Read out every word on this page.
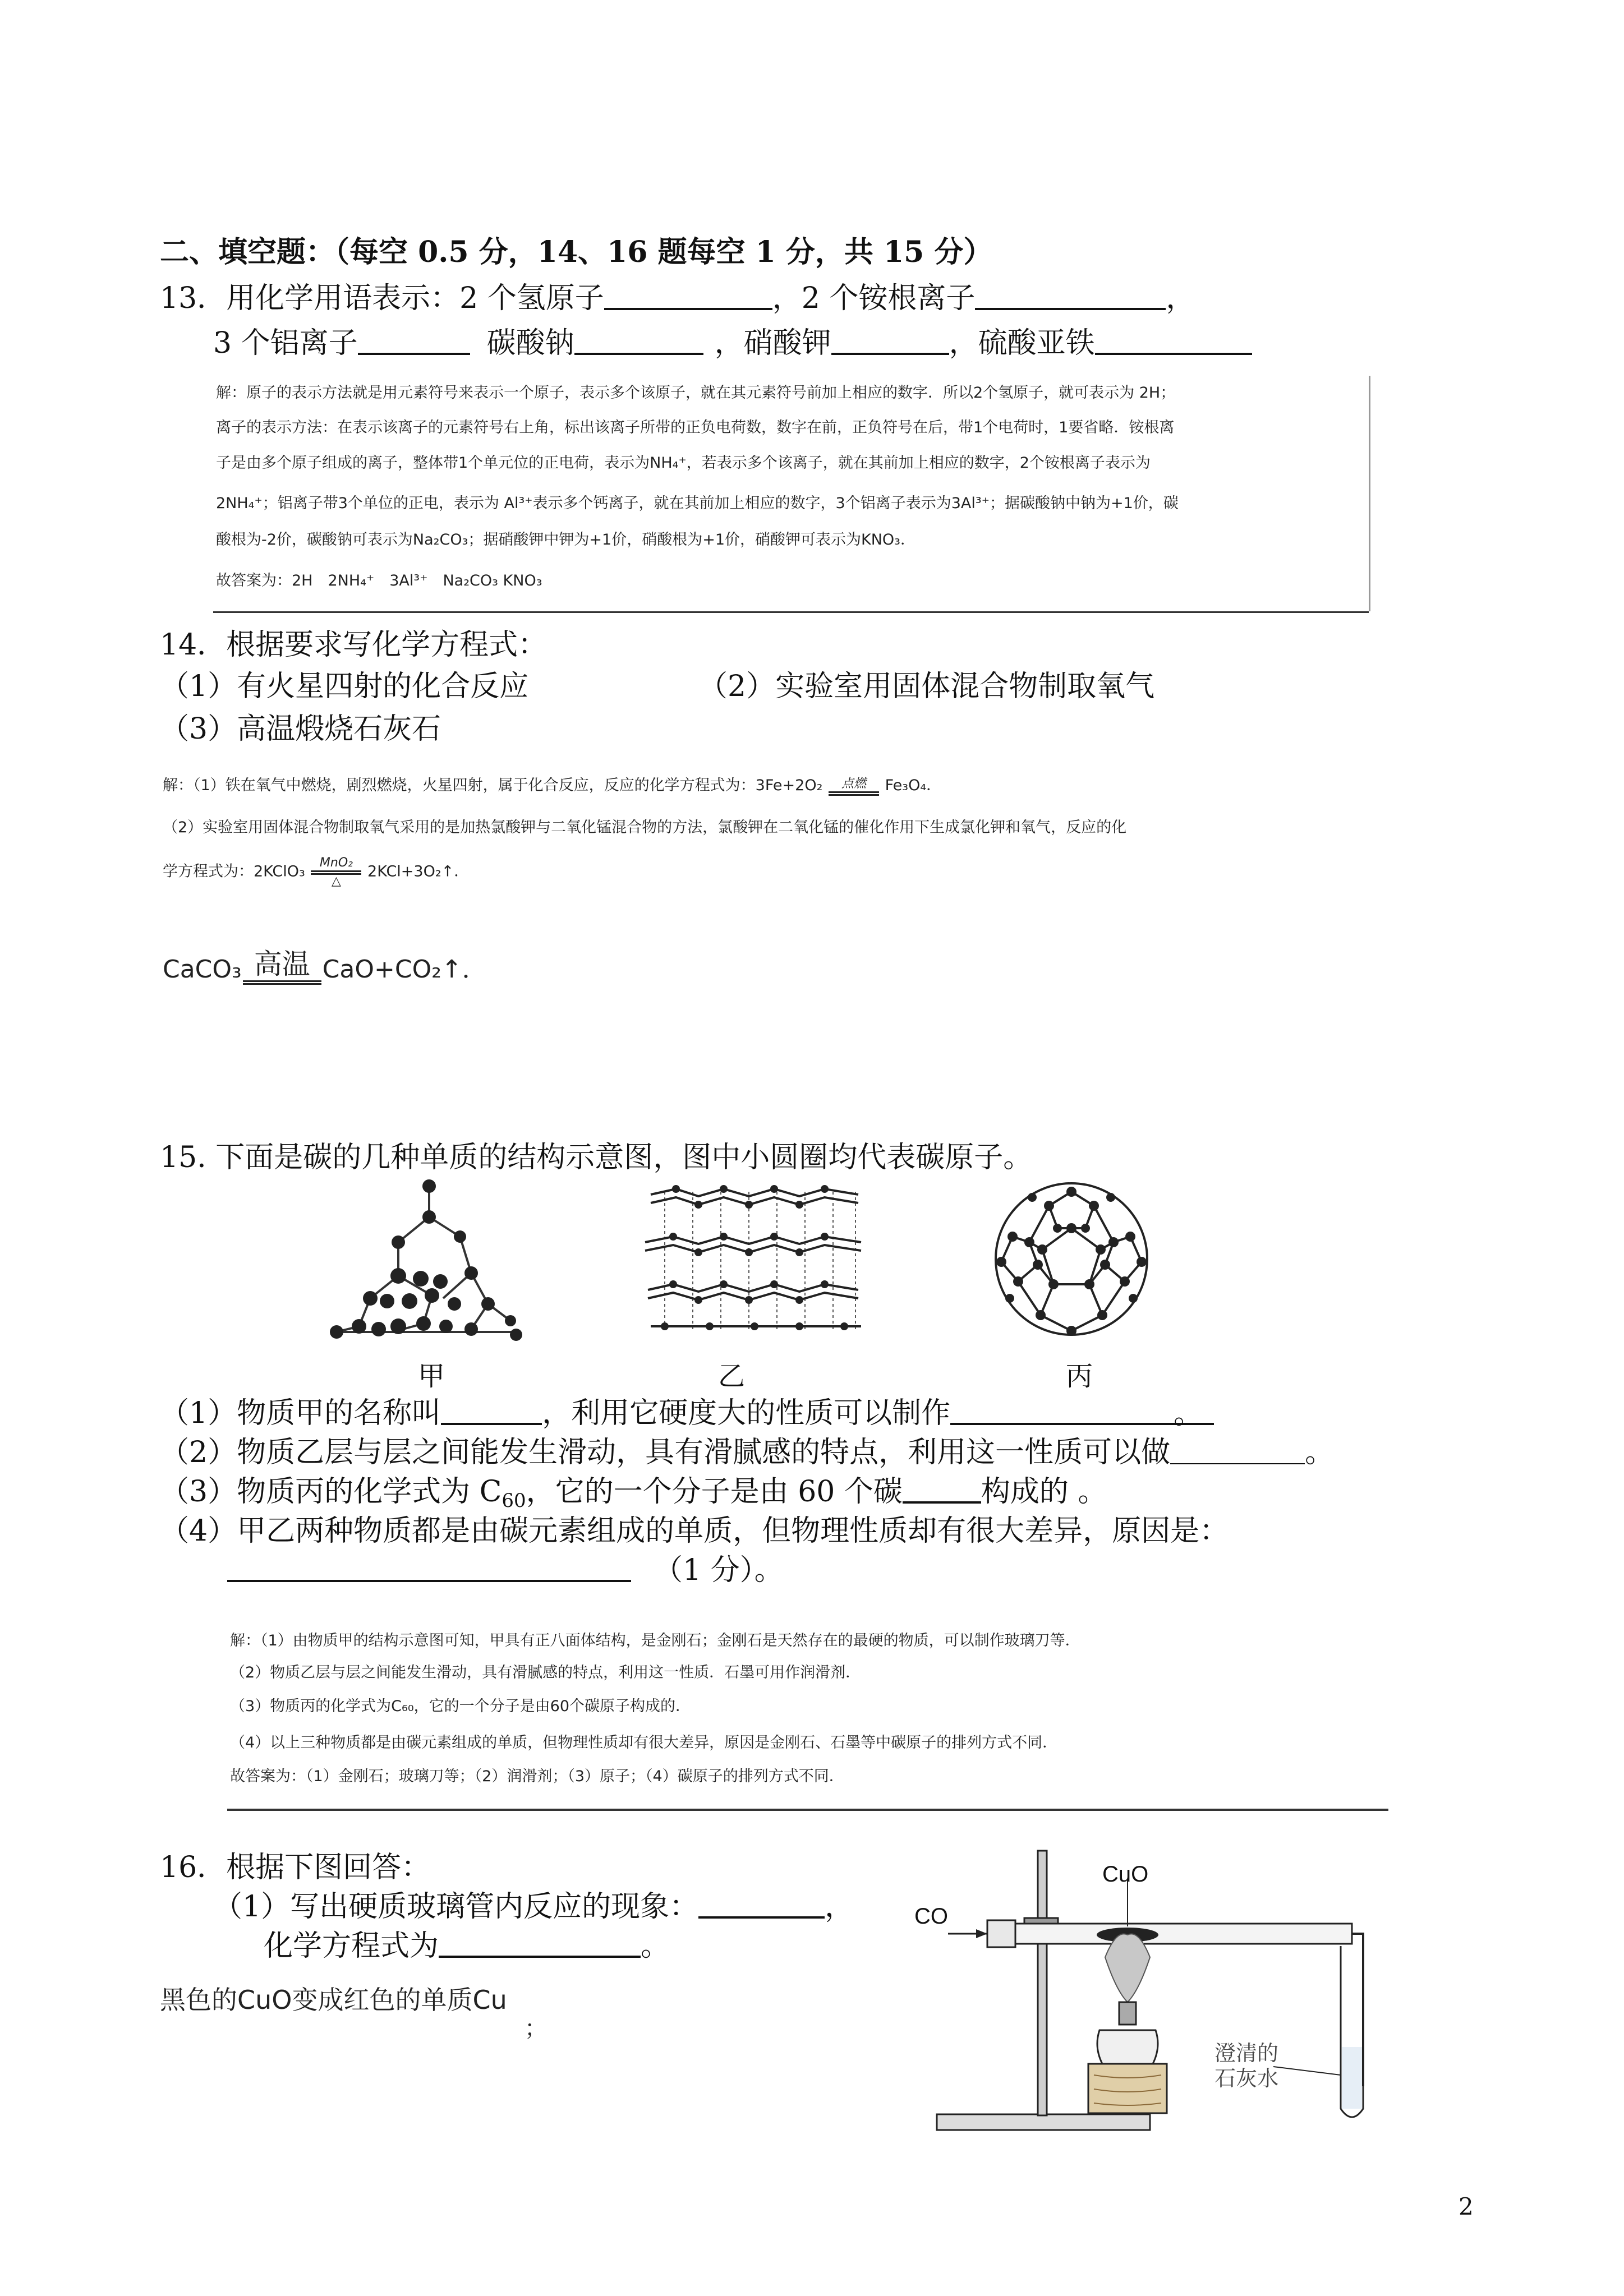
二、填空题：（每空 0.5 分，14、16 题每空 1 分，共 15 分）
13．用化学用语表示：2 个氢原子	，2 个铵根离子	，
3 个铝离子	碳酸钠	，硝酸钾	，硫酸亚铁
解：原子的表示方法就是用元素符号来表示一个原子，表示多个该原子，就在其元素符号前加上相应的数字．所以2个氢原子，就可表示为 2H；
离子的表示方法：在表示该离子的元素符号右上角，标出该离子所带的正负电荷数，数字在前，正负符号在后，带1个电荷时，1要省略．铵根离
子是由多个原子组成的离子，整体带1个单元位的正电荷，表示为NH₄⁺，若表示多个该离子，就在其前加上相应的数字，2个铵根离子表示为
2NH₄⁺；铝离子带3个单位的正电，表示为 Al³⁺表示多个钙离子，就在其前加上相应的数字，3个铝离子表示为3Al³⁺；据碳酸钠中钠为+1价，碳
酸根为-2价，碳酸钠可表示为Na₂CO₃；据硝酸钾中钾为+1价，硝酸根为+1价，硝酸钾可表示为KNO₃．
故答案为：2H　2NH₄⁺　3Al³⁺　Na₂CO₃ KNO₃
14．根据要求写化学方程式：
（1）有火星四射的化合反应	（2）实验室用固体混合物制取氧气
（3）高温煅烧石灰石
解：（1）铁在氧气中燃烧，剧烈燃烧，火星四射，属于化合反应，反应的化学方程式为：3Fe+2O₂ 点燃 Fe₃O₄．
（2）实验室用固体混合物制取氧气采用的是加热氯酸钾与二氧化锰混合物的方法，氯酸钾在二氧化锰的催化作用下生成氯化钾和氧气，反应的化
学方程式为：2KClO₃ MnO₂
△
2KCl+3O₂↑．
CaCO₃ 高温 CaO+CO₂↑．
15. 下面是碳的几种单质的结构示意图，图中小圆圈均代表碳原子。
甲	乙	丙
（1）物质甲的名称叫	，利用它硬度大的性质可以制作	。
（2）物质乙层与层之间能发生滑动，具有滑腻感的特点，利用这一性质可以做	。
（3）物质丙的化学式为 $C_{60}$，它的一个分子是由 60 个碳	构成的 。
（4）甲乙两种物质都是由碳元素组成的单质，但物理性质却有很大差异，原因是：
（1 分）。
解：（1）由物质甲的结构示意图可知，甲具有正八面体结构，是金刚石；金刚石是天然存在的最硬的物质，可以制作玻璃刀等．
（2）物质乙层与层之间能发生滑动，具有滑腻感的特点，利用这一性质．石墨可用作润滑剂．
（3）物质丙的化学式为C₆₀，它的一个分子是由60个碳原子构成的．
（4）以上三种物质都是由碳元素组成的单质，但物理性质却有很大差异，原因是金刚石、石墨等中碳原子的排列方式不同．
故答案为：（1）金刚石；玻璃刀等；（2）润滑剂；（3）原子；（4）碳原子的排列方式不同．
16．根据下图回答：
（1）写出硬质玻璃管内反应的现象：	，
化学方程式为	。
黑色的CuO变成红色的单质Cu
；
CO
CuO
澄清的
石灰水
2
